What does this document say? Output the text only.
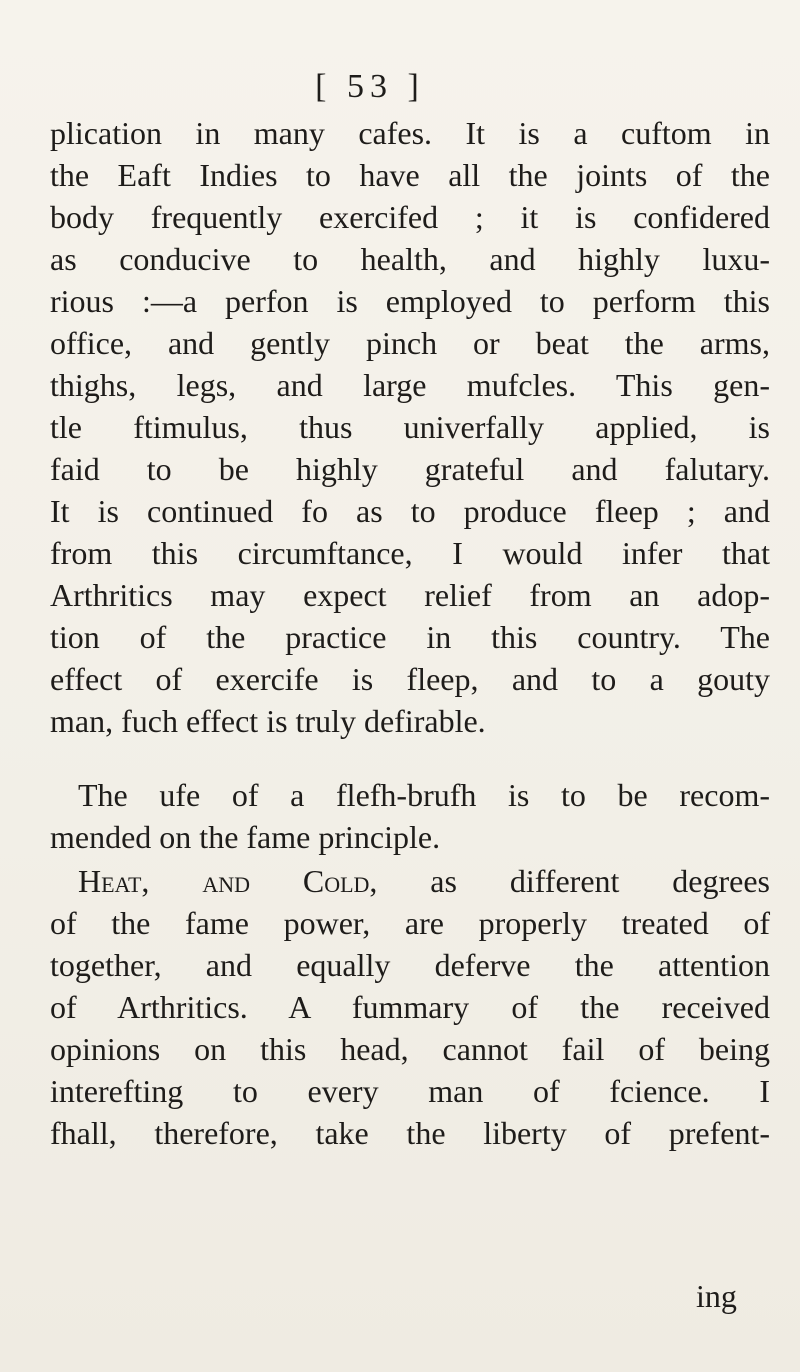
[ 53 ]
plication in many cafes. It is a cuftom in
the Eaft Indies to have all the joints of the
body frequently exercifed ; it is confidered
as conducive to health, and highly luxu-
rious :—a perfon is employed to perform this
office, and gently pinch or beat the arms,
thighs, legs, and large mufcles. This gen-
tle ftimulus, thus univerfally applied, is
faid to be highly grateful and falutary.
It is continued fo as to produce fleep ; and
from this circumftance, I would infer that
Arthritics may expect relief from an adop-
tion of the practice in this country. The
effect of exercife is fleep, and to a gouty
man, fuch effect is truly defirable.
The ufe of a flefh-brufh is to be recom-
mended on the fame principle.
Heat, and Cold, as different degrees
of the fame power, are properly treated of
together, and equally deferve the attention
of Arthritics. A fummary of the received
opinions on this head, cannot fail of being
interefting to every man of fcience. I
fhall, therefore, take the liberty of prefent-
ing
